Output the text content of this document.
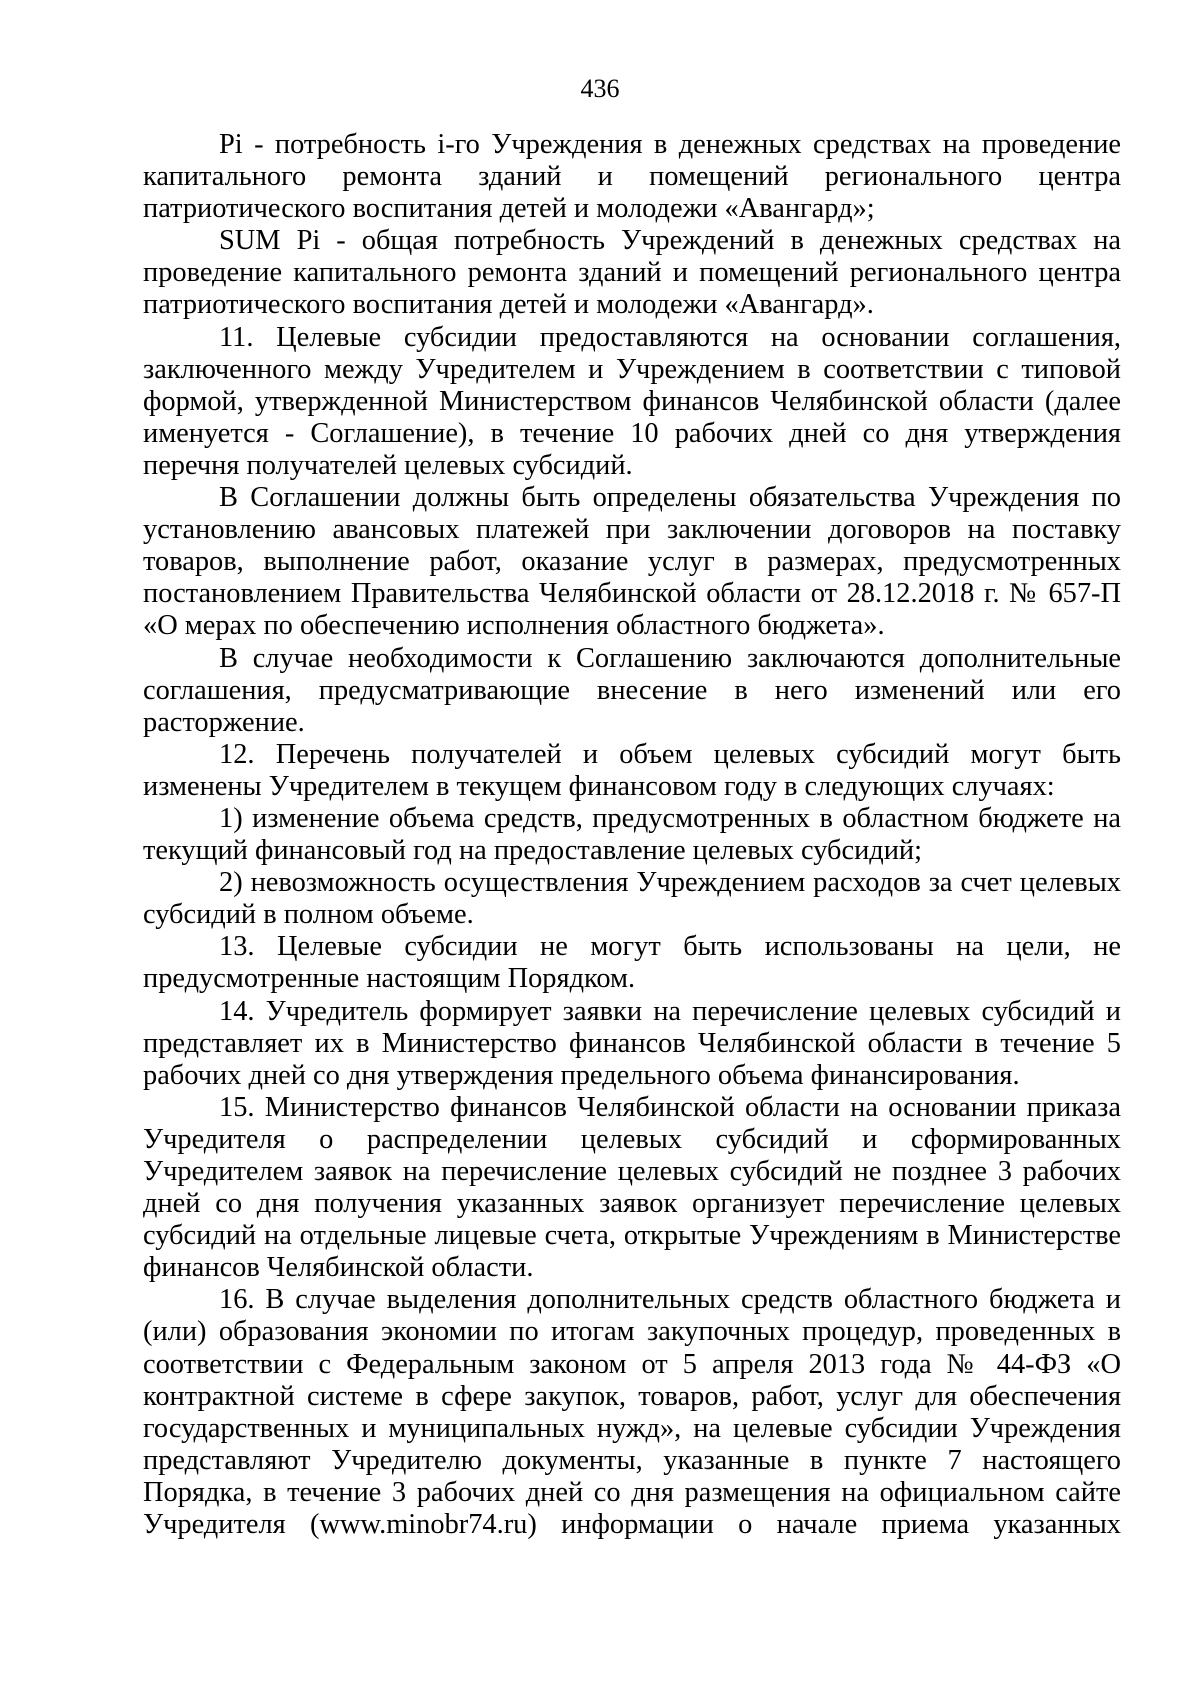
436

Pi - потребность i-го Учреждения в денежных средствах на проведение капитального ремонта зданий и помещений регионального центра патриотического воспитания детей и молодежи «Авангард»;

SUM Pi - общая потребность Учреждений в денежных средствах на проведение капитального ремонта зданий и помещений регионального центра патриотического воспитания детей и молодежи «Авангард».

11. Целевые субсидии предоставляются на основании соглашения, заключенного между Учредителем и Учреждением в соответствии с типовой формой, утвержденной Министерством финансов Челябинской области (далее именуется - Соглашение), в течение 10 рабочих дней со дня утверждения перечня получателей целевых субсидий.

В Соглашении должны быть определены обязательства Учреждения по установлению авансовых платежей при заключении договоров на поставку товаров, выполнение работ, оказание услуг в размерах, предусмотренных постановлением Правительства Челябинской области от 28.12.2018 г. № 657-П «О мерах по обеспечению исполнения областного бюджета».

В случае необходимости к Соглашению заключаются дополнительные соглашения, предусматривающие внесение в него изменений или его расторжение.

12. Перечень получателей и объем целевых субсидий могут быть изменены Учредителем в текущем финансовом году в следующих случаях:

1) изменение объема средств, предусмотренных в областном бюджете на текущий финансовый год на предоставление целевых субсидий;

2) невозможность осуществления Учреждением расходов за счет целевых субсидий в полном объеме.

13. Целевые субсидии не могут быть использованы на цели, не предусмотренные настоящим Порядком.

14. Учредитель формирует заявки на перечисление целевых субсидий и представляет их в Министерство финансов Челябинской области в течение 5 рабочих дней со дня утверждения предельного объема финансирования.

15. Министерство финансов Челябинской области на основании приказа Учредителя о распределении целевых субсидий и сформированных Учредителем заявок на перечисление целевых субсидий не позднее 3 рабочих дней со дня получения указанных заявок организует перечисление целевых субсидий на отдельные лицевые счета, открытые Учреждениям в Министерстве финансов Челябинской области.

16. В случае выделения дополнительных средств областного бюджета и (или) образования экономии по итогам закупочных процедур, проведенных в соответствии с Федеральным законом от 5 апреля 2013 года № 44-ФЗ «О контрактной системе в сфере закупок, товаров, работ, услуг для обеспечения государственных и муниципальных нужд», на целевые субсидии Учреждения представляют Учредителю документы, указанные в пункте 7 настоящего Порядка, в течение 3 рабочих дней со дня размещения на официальном сайте Учредителя (www.minobr74.ru) информации о начале приема указанных
